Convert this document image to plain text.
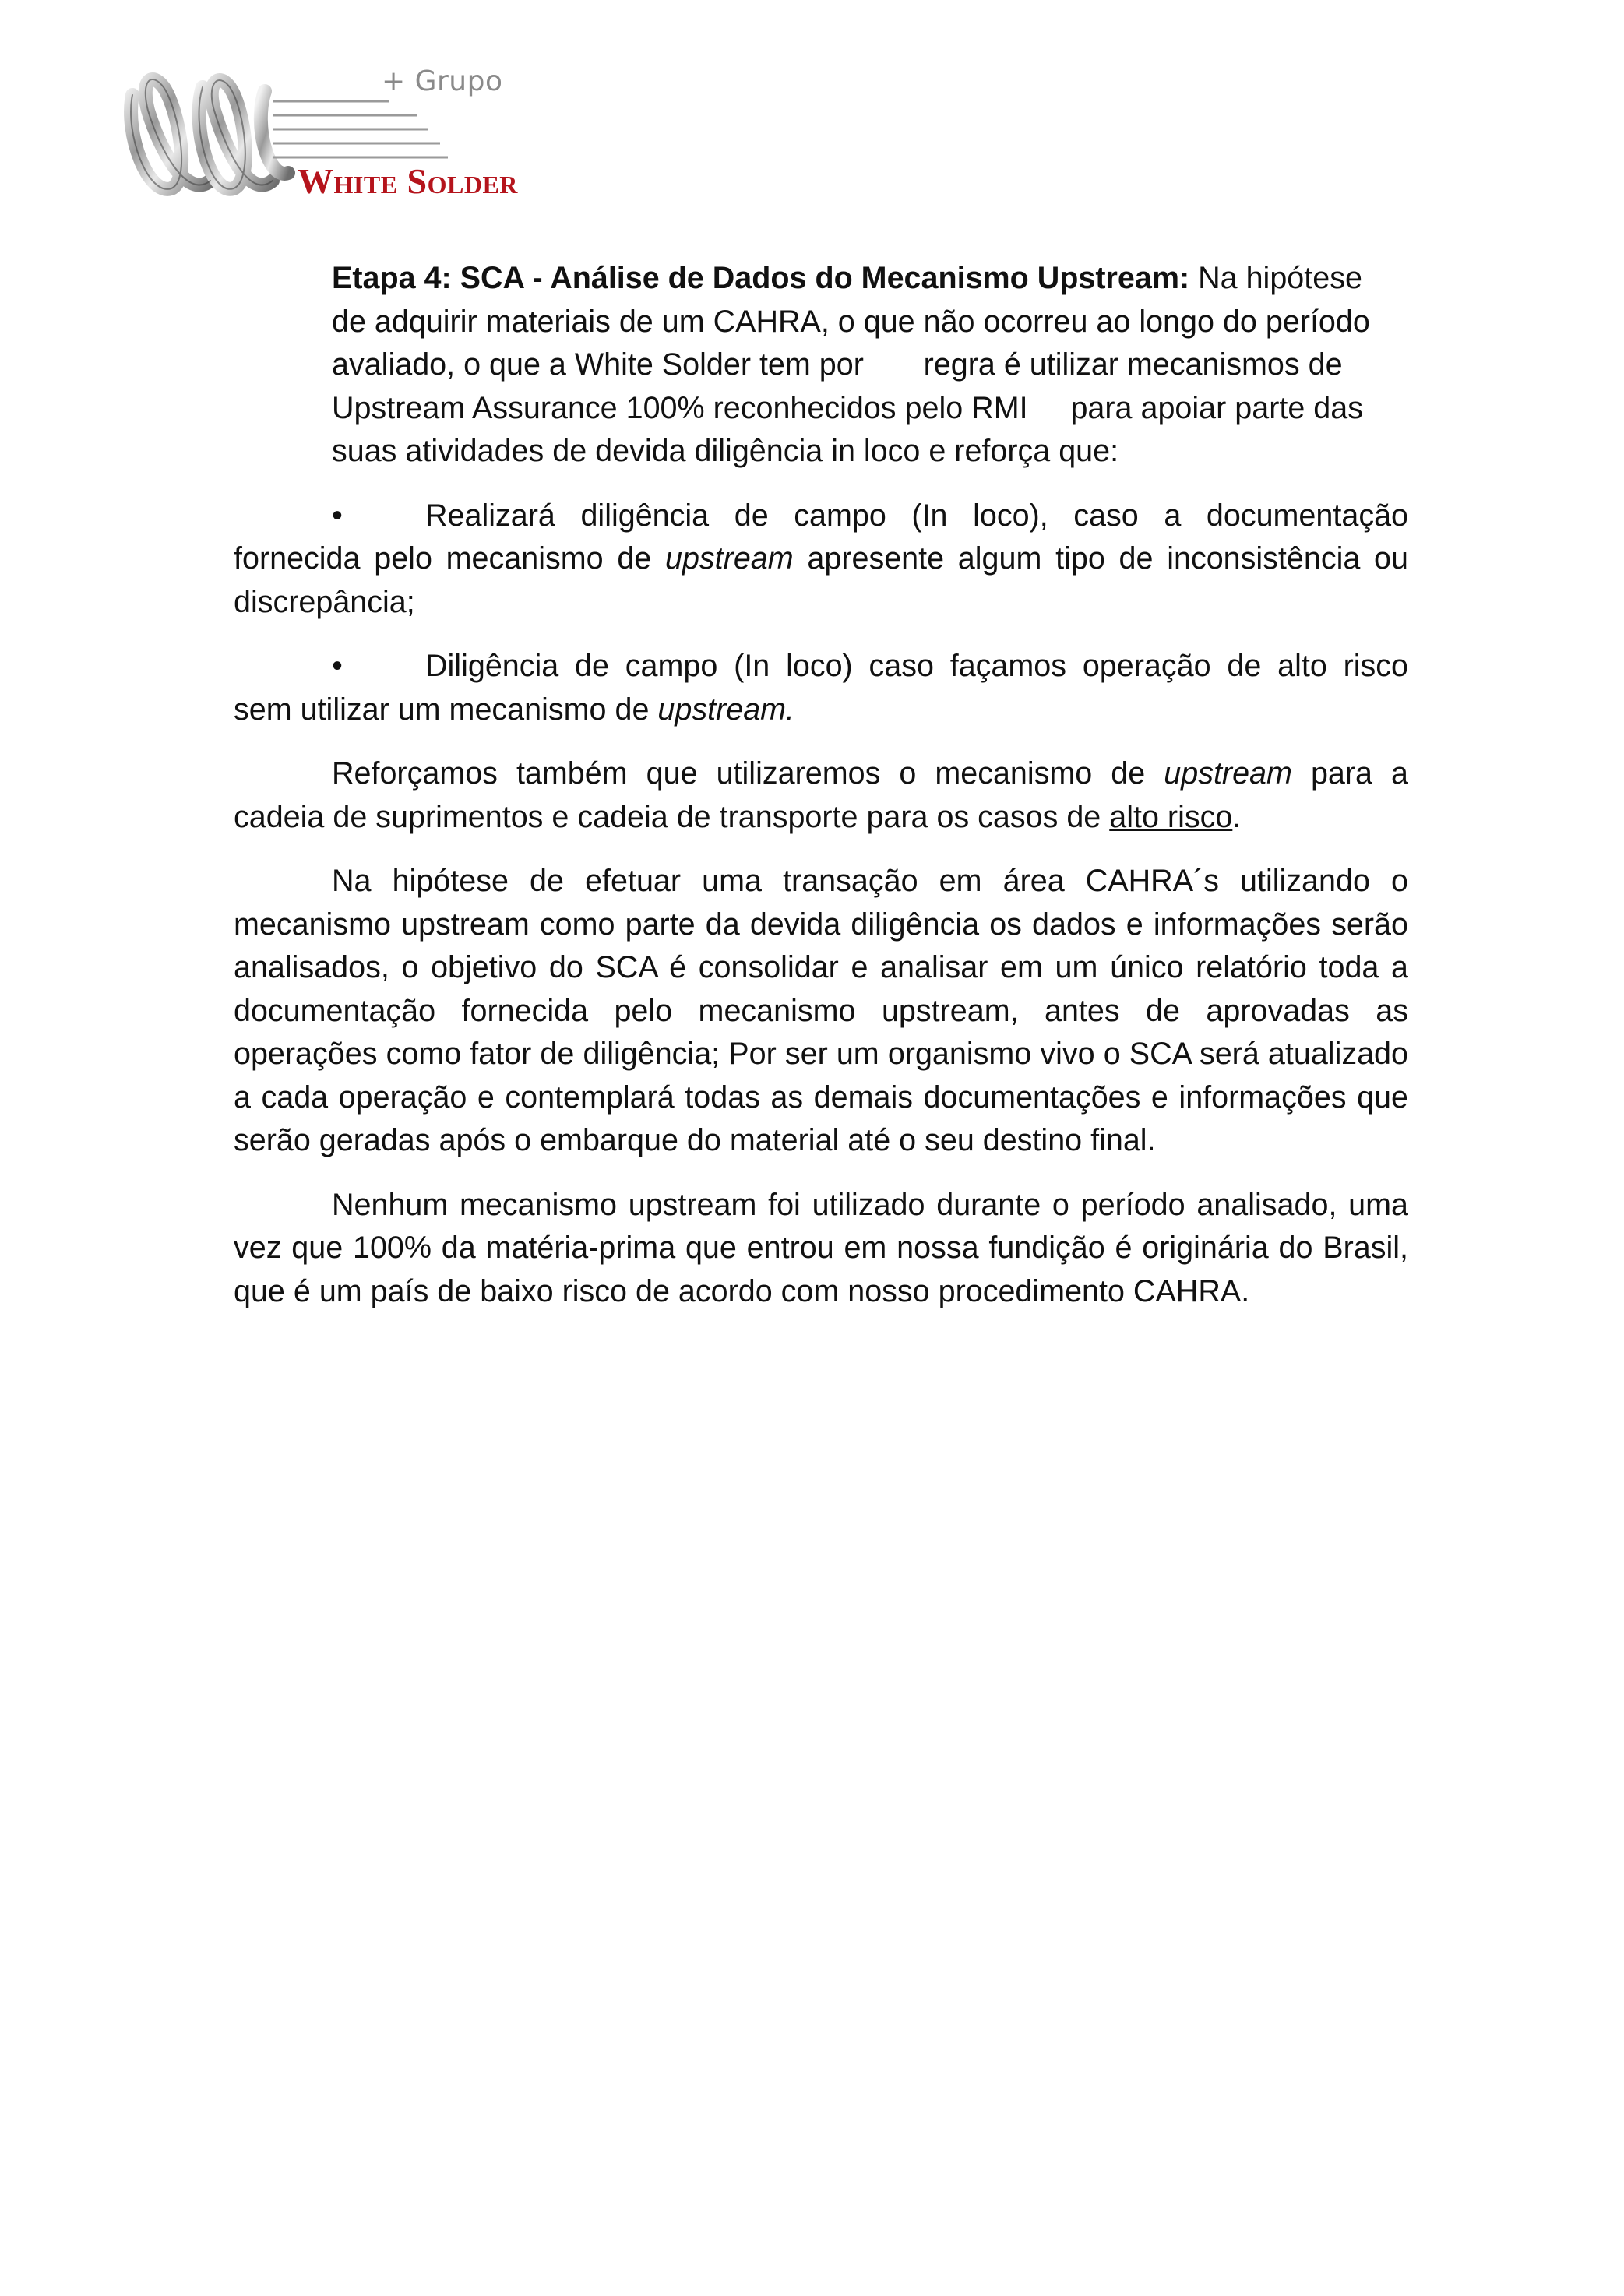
+ Grupo
White Solder
Etapa 4: SCA - Análise de Dados do Mecanismo Upstream: Na hipótese
de adquirir materiais de um CAHRA, o que não ocorreu ao longo do período
avaliado, o que a White Solder tem por       regra é utilizar mecanismos de
Upstream Assurance 100% reconhecidos pelo RMI     para apoiar parte das
suas atividades de devida diligência in loco e reforça que:
•	Realizará diligência de campo (In loco), caso a documentação
fornecida pelo mecanismo de upstream apresente algum tipo de inconsistência ou discrepância;
•	Diligência de campo (In loco) caso façamos operação de alto risco
sem utilizar um mecanismo de upstream.

Reforçamos também que utilizaremos o mecanismo de upstream para a cadeia de suprimentos e cadeia de transporte para os casos de alto risco.

Na hipótese de efetuar uma transação em área CAHRA´s utilizando o mecanismo upstream como parte da devida diligência os dados e informações serão analisados, o objetivo do SCA é consolidar e analisar em um único relatório toda a documentação fornecida pelo mecanismo upstream, antes de aprovadas as operações como fator de diligência; Por ser um organismo vivo o SCA será atualizado a cada operação e contemplará todas as demais documentações e informações que serão geradas após o embarque do material até o seu destino final.

Nenhum mecanismo upstream foi utilizado durante o período analisado, uma vez que 100% da matéria-prima que entrou em nossa fundição é originária do Brasil, que é um país de baixo risco de acordo com nosso procedimento CAHRA.
